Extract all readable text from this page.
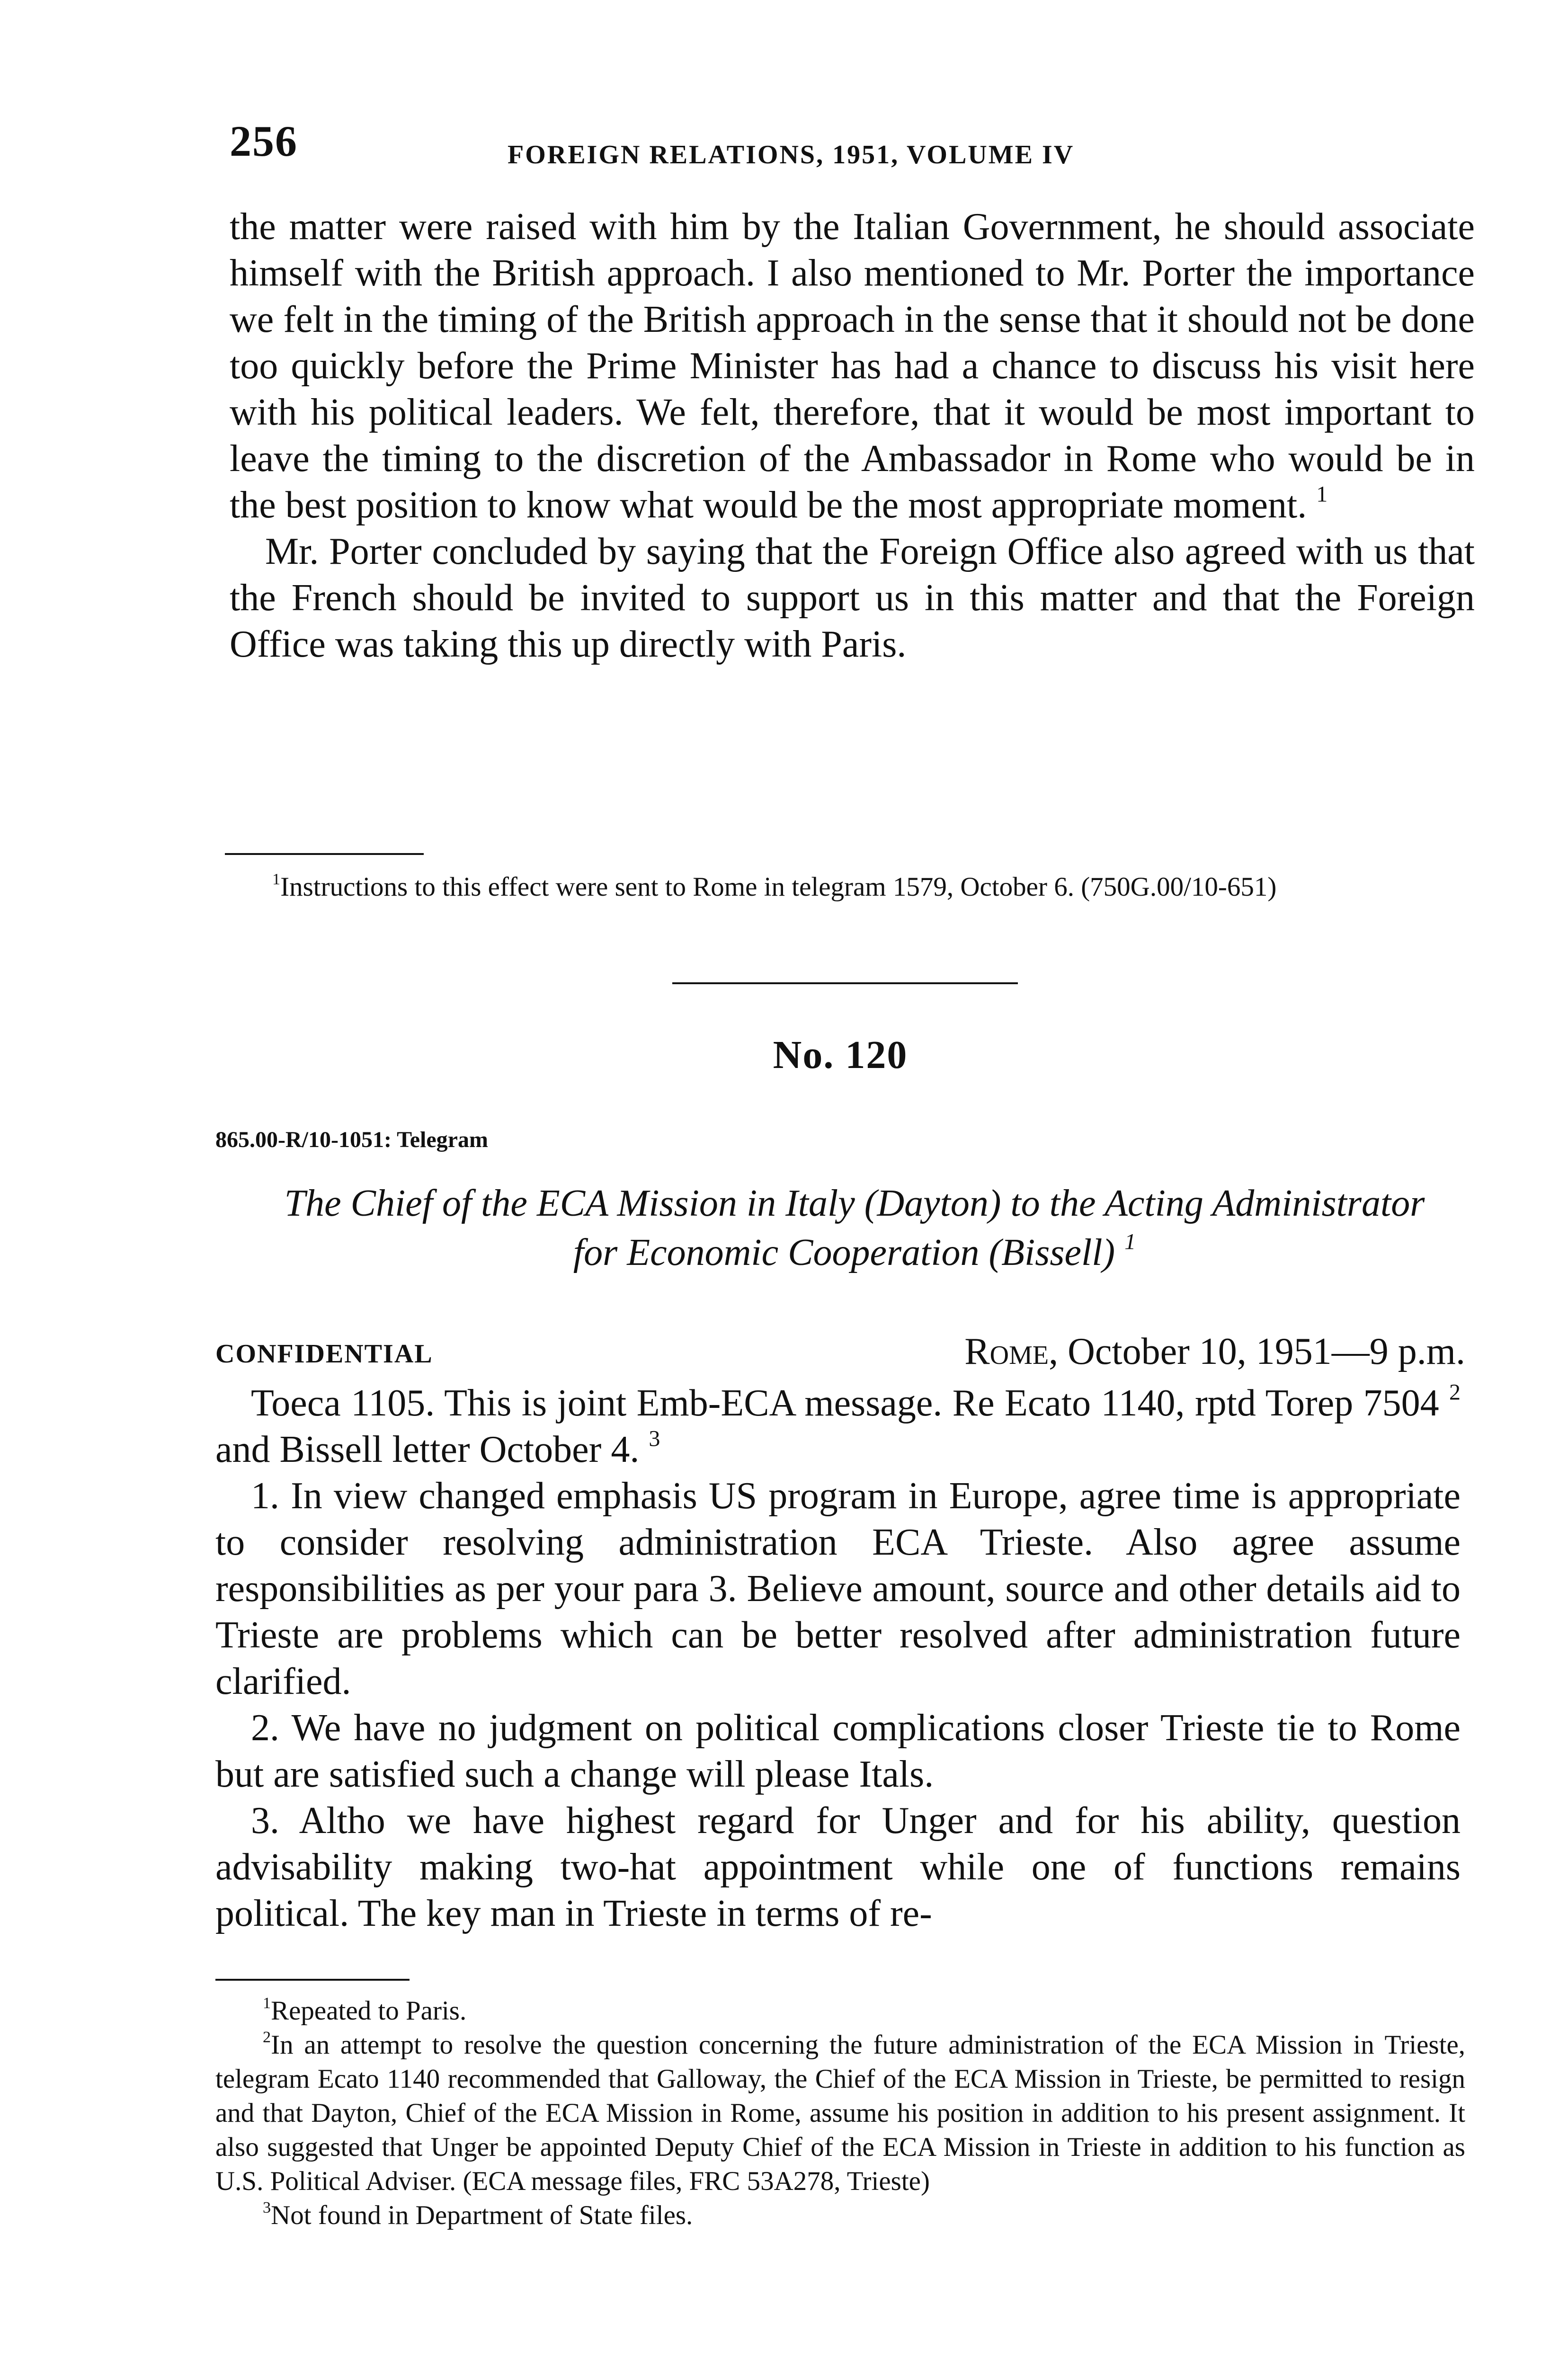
256	FOREIGN RELATIONS, 1951, VOLUME IV

the matter were raised with him by the Italian Government, he should associate himself with the British approach. I also mentioned to Mr. Porter the importance we felt in the timing of the British approach in the sense that it should not be done too quickly before the Prime Minister has had a chance to discuss his visit here with his political leaders. We felt, therefore, that it would be most important to leave the timing to the discretion of the Ambassador in Rome who would be in the best position to know what would be the most appropriate moment. $^1$

Mr. Porter concluded by saying that the Foreign Office also agreed with us that the French should be invited to support us in this matter and that the Foreign Office was taking this up directly with Paris.

$^1$Instructions to this effect were sent to Rome in telegram 1579, October 6. (750G.00/10-651)

No. 120
865.00-R/10-1051: Telegram
The Chief of the ECA Mission in Italy (Dayton) to the Acting Administrator for Economic Cooperation (Bissell) $^1$
CONFIDENTIAL	Rome, October 10, 1951—9 p.m.

Toeca 1105. This is joint Emb-ECA message. Re Ecato 1140, rptd Torep 7504 $^2$ and Bissell letter October 4. $^3$

1. In view changed emphasis US program in Europe, agree time is appropriate to consider resolving administration ECA Trieste. Also agree assume responsibilities as per your para 3. Believe amount, source and other details aid to Trieste are problems which can be better resolved after administration future clarified.

2. We have no judgment on political complications closer Trieste tie to Rome but are satisfied such a change will please Itals.

3. Altho we have highest regard for Unger and for his ability, question advisability making two-hat appointment while one of functions remains political. The key man in Trieste in terms of re-

$^1$Repeated to Paris.

$^2$In an attempt to resolve the question concerning the future administration of the ECA Mission in Trieste, telegram Ecato 1140 recommended that Galloway, the Chief of the ECA Mission in Trieste, be permitted to resign and that Dayton, Chief of the ECA Mission in Rome, assume his position in addition to his present assignment. It also suggested that Unger be appointed Deputy Chief of the ECA Mission in Trieste in addition to his function as U.S. Political Adviser. (ECA message files, FRC 53A278, Trieste)

$^3$Not found in Department of State files.
